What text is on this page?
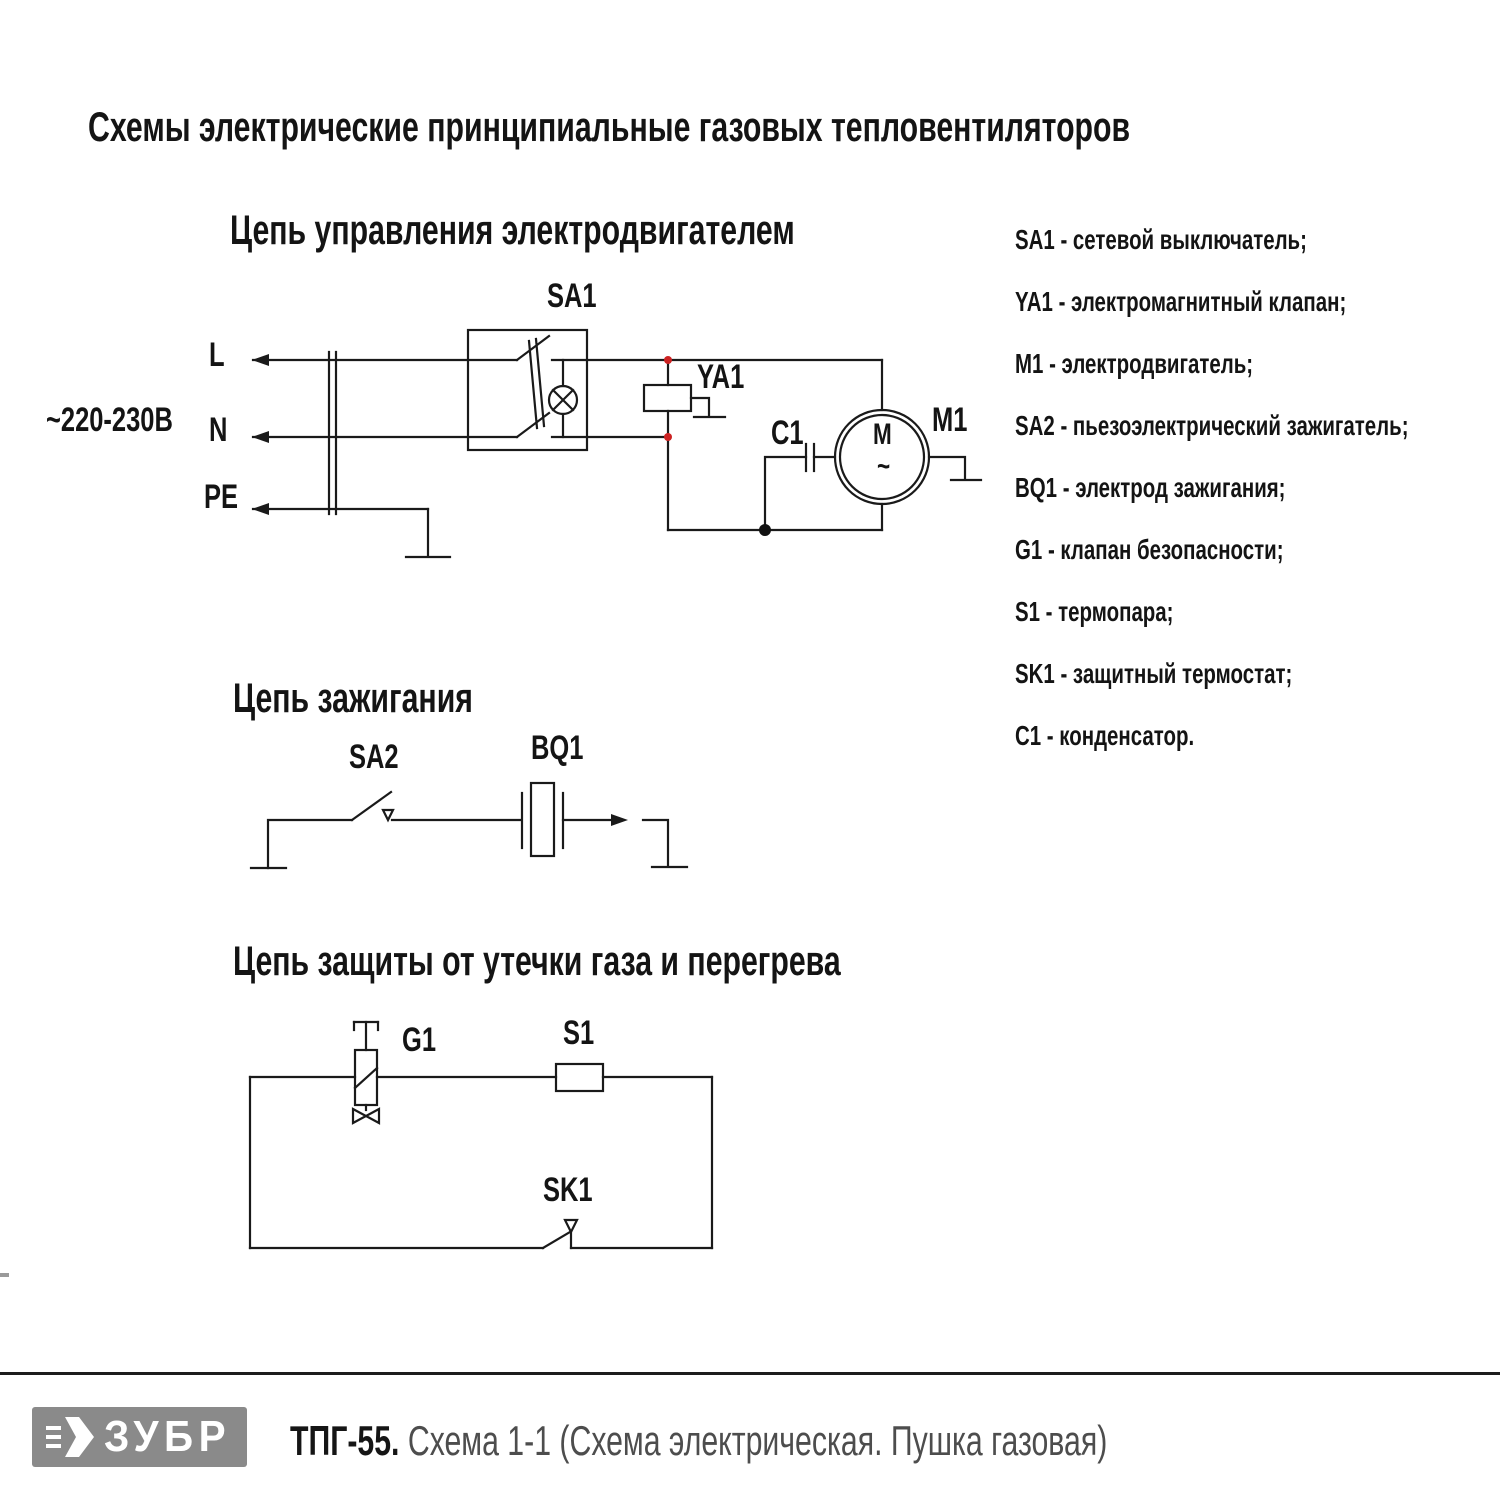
Схемы электрические принципиальные газовых тепловентиляторов
Цепь управления электродвигателем
Цепь зажигания
Цепь защиты от утечки газа и перегрева
~220-230В
L
N
PE
SA1
YA1
C1	M1
M
~
SA2	BQ1
G1	S1
SK1
SA1 - сетевой выключатель;
YA1 - электромагнитный клапан;
M1 - электродвигатель;
SA2 - пьезоэлектрический зажигатель;
BQ1 - электрод зажигания;
G1 - клапан безопасности;
S1 - термопара;
SK1 - защитный термостат;
C1 - конденсатор.
ЗУБР ТПГ-55. Схема 1-1 (Схема электрическая. Пушка газовая)
